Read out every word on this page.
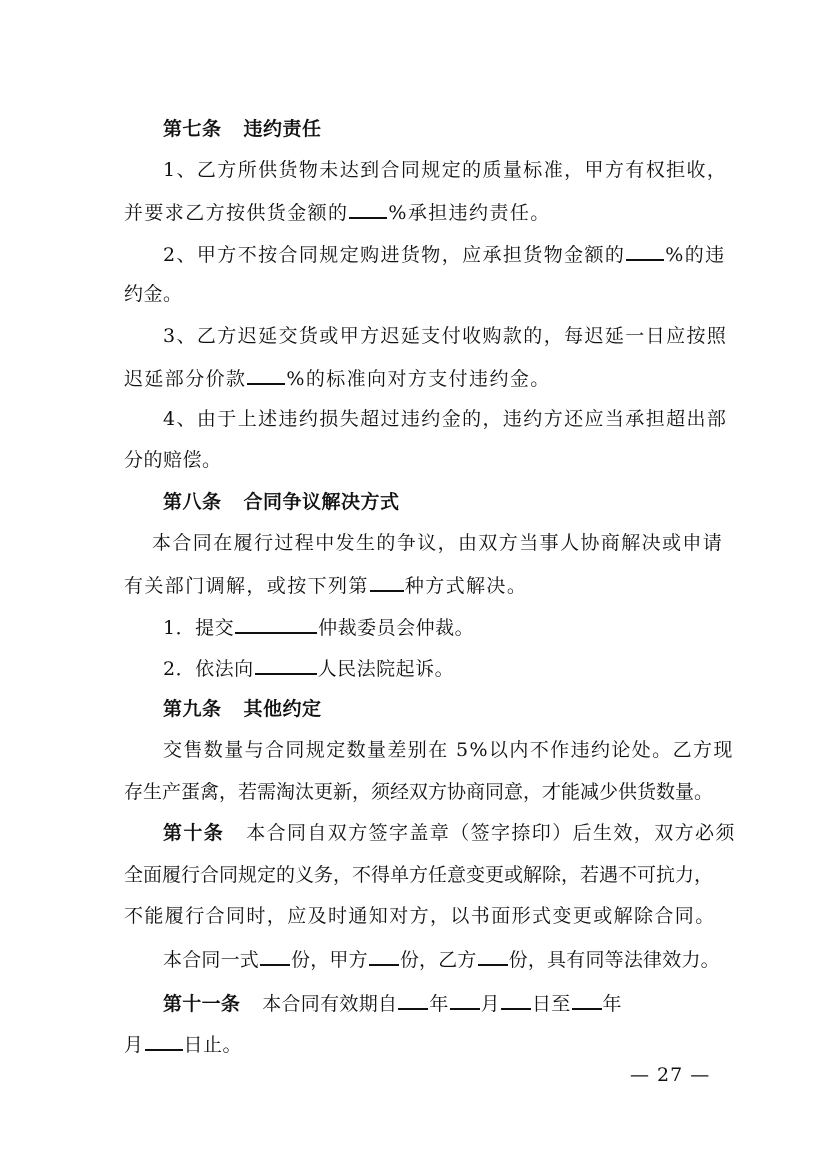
第七条 违约责任
1、乙方所供货物未达到合同规定的质量标准，甲方有权拒收，
并要求乙方按供货金额的 %承担违约责任。
2、甲方不按合同规定购进货物，应承担货物金额的 %的违
约金。
3、乙方迟延交货或甲方迟延支付收购款的，每迟延一日应按照
迟延部分价款 %的标准向对方支付违约金。
4、由于上述违约损失超过违约金的，违约方还应当承担超出部
分的赔偿。
第八条 合同争议解决方式
本合同在履行过程中发生的争议，由双方当事人协商解决或申请
有关部门调解，或按下列第 种方式解决。
1．提交	仲裁委员会仲裁。
2．依法向	人民法院起诉。
第九条 其他约定
交售数量与合同规定数量差别在 5%以内不作违约论处。乙方现
存生产蛋禽，若需淘汰更新，须经双方协商同意，才能减少供货数量。
第十条 本合同自双方签字盖章（签字捺印）后生效，双方必须
全面履行合同规定的义务，不得单方任意变更或解除，若遇不可抗力，
不能履行合同时，应及时通知对方，以书面形式变更或解除合同。
本合同一式 份，甲方 份，乙方 份，具有同等法律效力。
第十一条 本合同有效期自 年 月 日至 年
月 日止。
— 27 —
